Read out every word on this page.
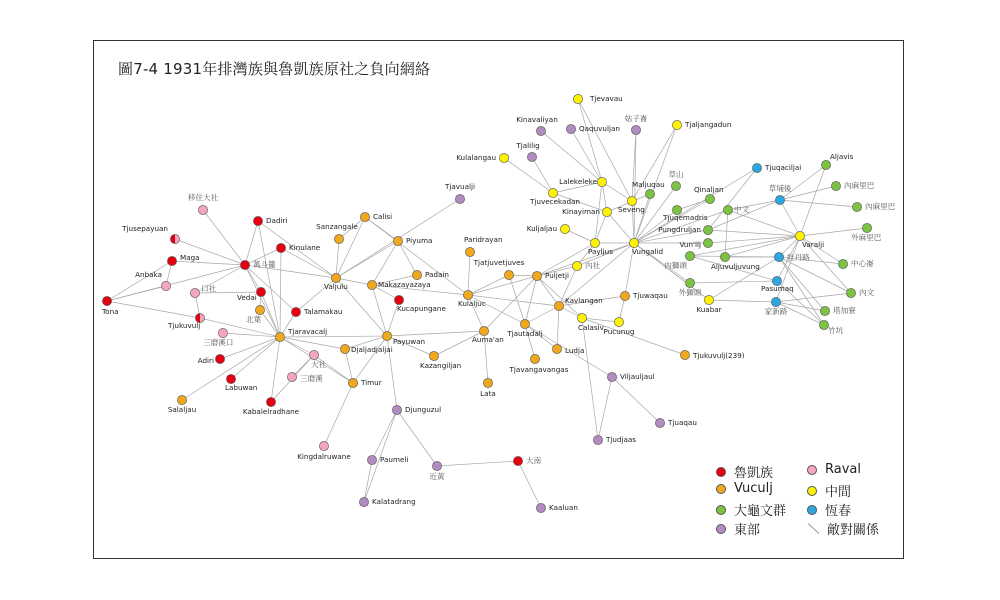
圖7-4 1931年排灣族與魯凱族原社之負向網絡
Tjevavau
Kinavaliyan
Qaquvuljan
姑子崙
Tjaljangadun
Tjalilig
Kulalangau
Lalekeleke
Tjuvecekadan
Tjavualji	Maljuqau
草山
Seveng
Kinayiman
Tjuqaciljai
Aljavis
Qinaljan	草埔後	內麻里巴
中文	內麻里巴
Tjuqemadris
Pungdruljan
外麻里巴
Vun'ilj	Varalji
內獅頭	Aljuvuljuvung
牡丹路
中心崙
外獅頭	Pasumaq	內文
Kuabar	家新路	塔加寮
竹坑
Kuljaljau
Payljus	Vungalid
內社
Puljetji
Tjatjuvetjuves
Paridrayan
Kavlangan
Tjuwaqau
Calasiv Pucunug
Kulaljuc
Tjautadalj
Auma'an
Ludja
Tjavangavangas
Tjukuvulj(239)
Lata
Viljauljaul
Tjuaqau
Tjudjaas
Calisi
Sanzangale
Piyuma
Padain
Valjulu	Makazayazaya
Kucapungane
Payuwan
Kazangiljan
Djaljadjaljai
Timur
Djunguzul
Paumeli
近黃
大南
Kaaluan
Kalatadrang
Kingdalruwane
移住大社
Dadiri
Tjusepayuan
Kinulane
Maga
萬斗籠
Anbaka
口社
Vedai
Tona
Tjukuvulj
北葉
Talamakau
三磨溪口
Tjaravacalj
Adiri	大社
Labuwan
三磨溪
Salaljau	Kabalelradhane
魯凱族	Raval
Vuculj	中間
大龜文群	恆春
東部	敵對關係
